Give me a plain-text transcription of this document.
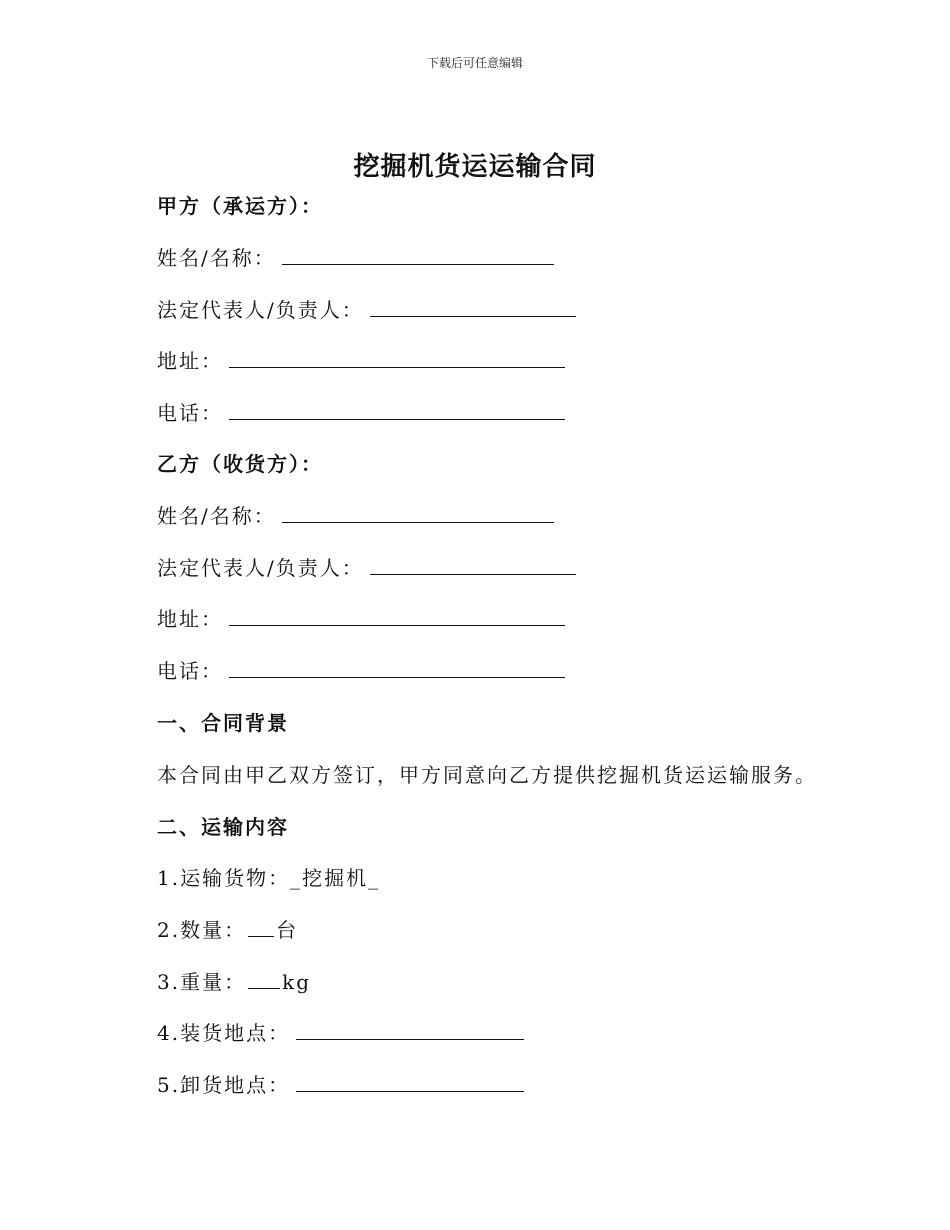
下载后可任意编辑
挖掘机货运运输合同
甲方（承运方）：
姓名/名称：
法定代表人/负责人：
地址：
电话：
乙方（收货方）：
姓名/名称：
法定代表人/负责人：
地址：
电话：
一、合同背景
本合同由甲乙双方签订，甲方同意向乙方提供挖掘机货运运输服务。
二、运输内容
1.运输货物：_挖掘机_
2.数量： 台
3.重量： kg
4.装货地点：
5.卸货地点：
